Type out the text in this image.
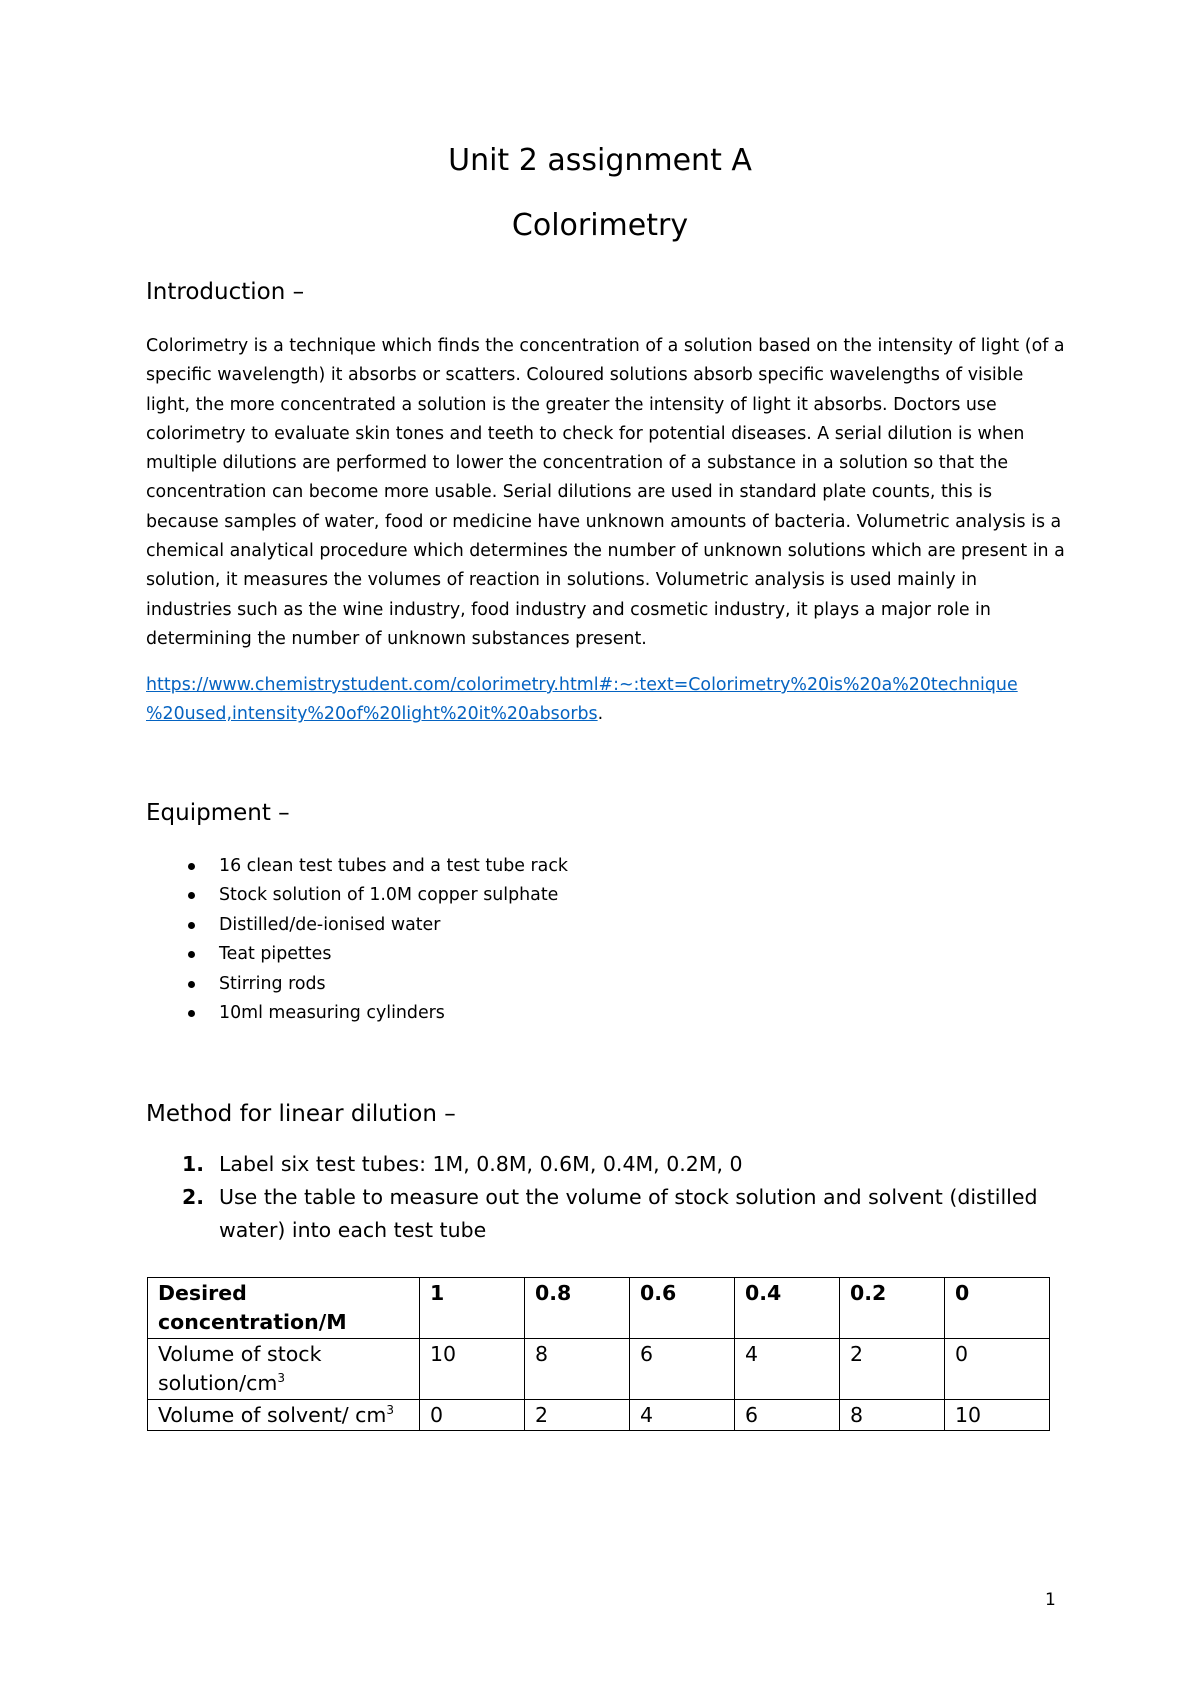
Unit 2 assignment A
Colorimetry
Introduction –

Colorimetry is a technique which finds the concentration of a solution based on the intensity of light (of a specific wavelength) it absorbs or scatters. Coloured solutions absorb specific wavelengths of visible light, the more concentrated a solution is the greater the intensity of light it absorbs. Doctors use colorimetry to evaluate skin tones and teeth to check for potential diseases. A serial dilution is when multiple dilutions are performed to lower the concentration of a substance in a solution so that the concentration can become more usable. Serial dilutions are used in standard plate counts, this is because samples of water, food or medicine have unknown amounts of bacteria. Volumetric analysis is a chemical analytical procedure which determines the number of unknown solutions which are present in a solution, it measures the volumes of reaction in solutions. Volumetric analysis is used mainly in industries such as the wine industry, food industry and cosmetic industry, it plays a major role in determining the number of unknown substances present.

https://www.chemistrystudent.com/colorimetry.html#:~:text=Colorimetry%20is%20a%20technique
%20used,intensity%20of%20light%20it%20absorbs.

Equipment –
16 clean test tubes and a test tube rack
Stock solution of 1.0M copper sulphate
Distilled/de-ionised water
Teat pipettes
Stirring rods
10ml measuring cylinders
Method for linear dilution –
1. Label six test tubes: 1M, 0.8M, 0.6M, 0.4M, 0.2M, 0
2. Use the table to measure out the volume of stock solution and solvent (distilled
water) into each test tube
Desired
concentration/M	1	0.8	0.6	0.4	0.2	0
Volume of stock
solution/$cm^3$	10	8	6	4	2	0
Volume of solvent/ $cm^3$	0	2	4	6	8	10

1
